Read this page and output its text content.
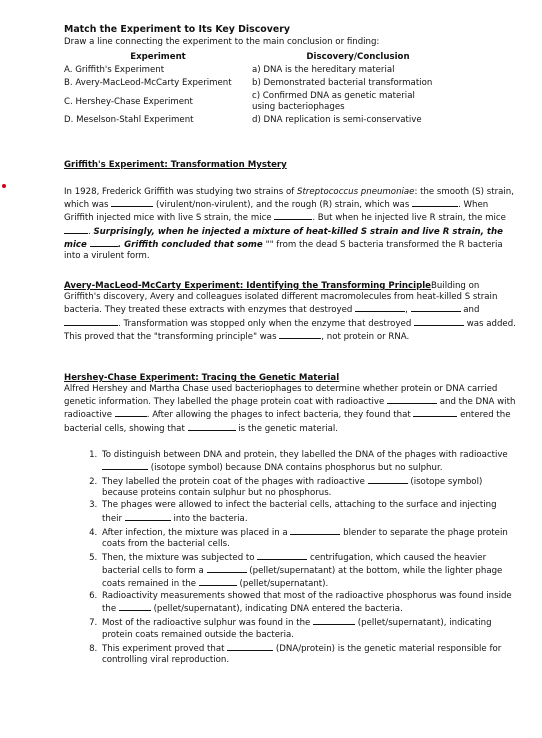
Match the Experiment to Its Key Discovery
Draw a line connecting the experiment to the main conclusion or finding:
Experiment	Discovery/Conclusion
A. Griffith's Experiment	a) DNA is the hereditary material
B. Avery-MacLeod-McCarty Experiment	b) Demonstrated bacterial transformation
C. Hershey-Chase Experiment	c) Confirmed DNA as genetic material
using bacteriophages
D. Meselson-Stahl Experiment	d) DNA replication is semi-conservative
Griffith's Experiment: Transformation Mystery
In 1928, Frederick Griffith was studying two strains of Streptococcus pneumoniae: the smooth (S) strain, which was	(virulent/non-virulent), and the rough (R) strain, which was	. When Griffith injected mice with live S strain, the mice	. But when he injected live R strain, the mice . Surprisingly, when he injected a mixture of heat-killed S strain and live R strain, the mice	. Griffith concluded that some "" from the dead S bacteria transformed the R bacteria into a virulent form.
Avery-MacLeod-McCarty Experiment: Identifying the Transforming PrincipleBuilding on Griffith's discovery, Avery and colleagues isolated different macromolecules from heat-killed S strain bacteria. They treated these extracts with enzymes that destroyed	,	and . Transformation was stopped only when the enzyme that destroyed	was added. This proved that the "transforming principle" was	, not protein or RNA.
Hershey-Chase Experiment: Tracing the Genetic Material
Alfred Hershey and Martha Chase used bacteriophages to determine whether protein or DNA carried genetic information. They labelled the phage protein coat with radioactive	and the DNA with radioactive	. After allowing the phages to infect bacteria, they found that	entered the bacterial cells, showing that	is the genetic material.
1. To distinguish between DNA and protein, they labelled the DNA of the phages with radioactive  (isotope symbol) because DNA contains phosphorus but no sulphur.
2. They labelled the protein coat of the phages with radioactive	(isotope symbol) because proteins contain sulphur but no phosphorus.
3. The phages were allowed to infect the bacterial cells, attaching to the surface and injecting their	into the bacteria.
4. After infection, the mixture was placed in a	blender to separate the phage protein coats from the bacterial cells.
5. Then, the mixture was subjected to	centrifugation, which caused the heavier bacterial cells to form a	(pellet/supernatant) at the bottom, while the lighter phage coats remained in the	(pellet/supernatant).
6. Radioactivity measurements showed that most of the radioactive phosphorus was found inside the	(pellet/supernatant), indicating DNA entered the bacteria.
7. Most of the radioactive sulphur was found in the	(pellet/supernatant), indicating protein coats remained outside the bacteria.
8. This experiment proved that	(DNA/protein) is the genetic material responsible for controlling viral reproduction.
